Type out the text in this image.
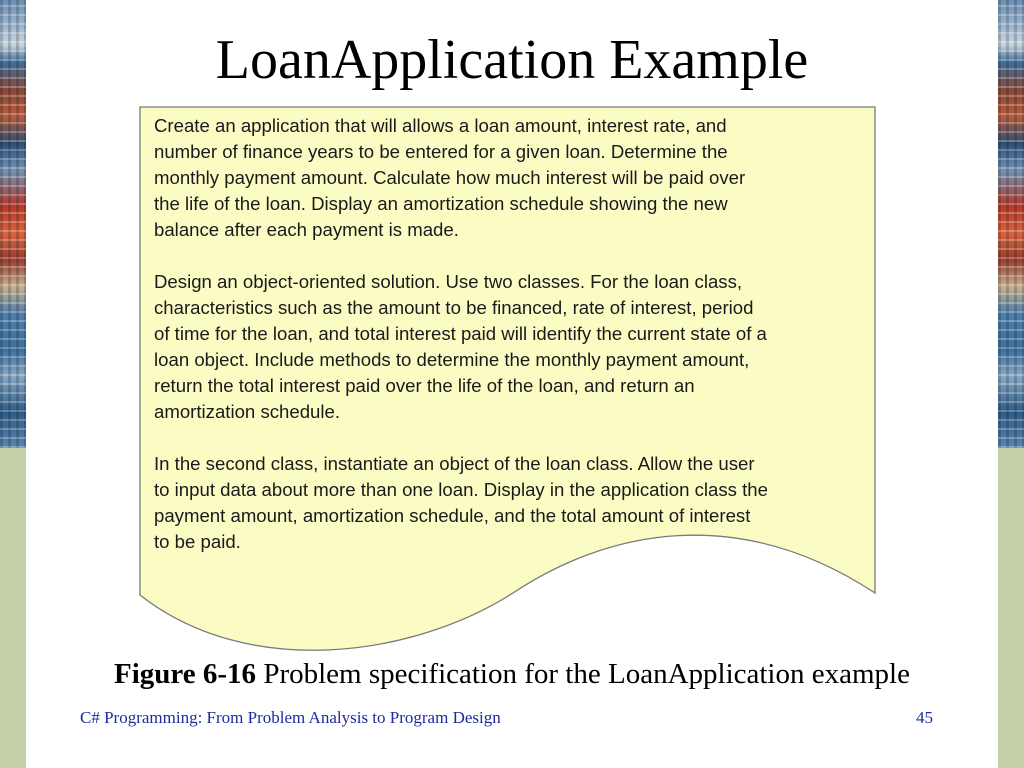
LoanApplication Example

Create an application that will allows a loan amount, interest rate, and
number of finance years to be entered for a given loan. Determine the
monthly payment amount. Calculate how much interest will be paid over
the life of the loan. Display an amortization schedule showing the new
balance after each payment is made.

Design an object-oriented solution. Use two classes. For the loan class,
characteristics such as the amount to be financed, rate of interest, period
of time for the loan, and total interest paid will identify the current state of a
loan object. Include methods to determine the monthly payment amount,
return the total interest paid over the life of the loan, and return an
amortization schedule.

In the second class, instantiate an object of the loan class. Allow the user
to input data about more than one loan. Display in the application class the
payment amount, amortization schedule, and the total amount of interest
to be paid.

Figure 6-16 Problem specification for the LoanApplication example
C# Programming: From Problem Analysis to Program Design	45
